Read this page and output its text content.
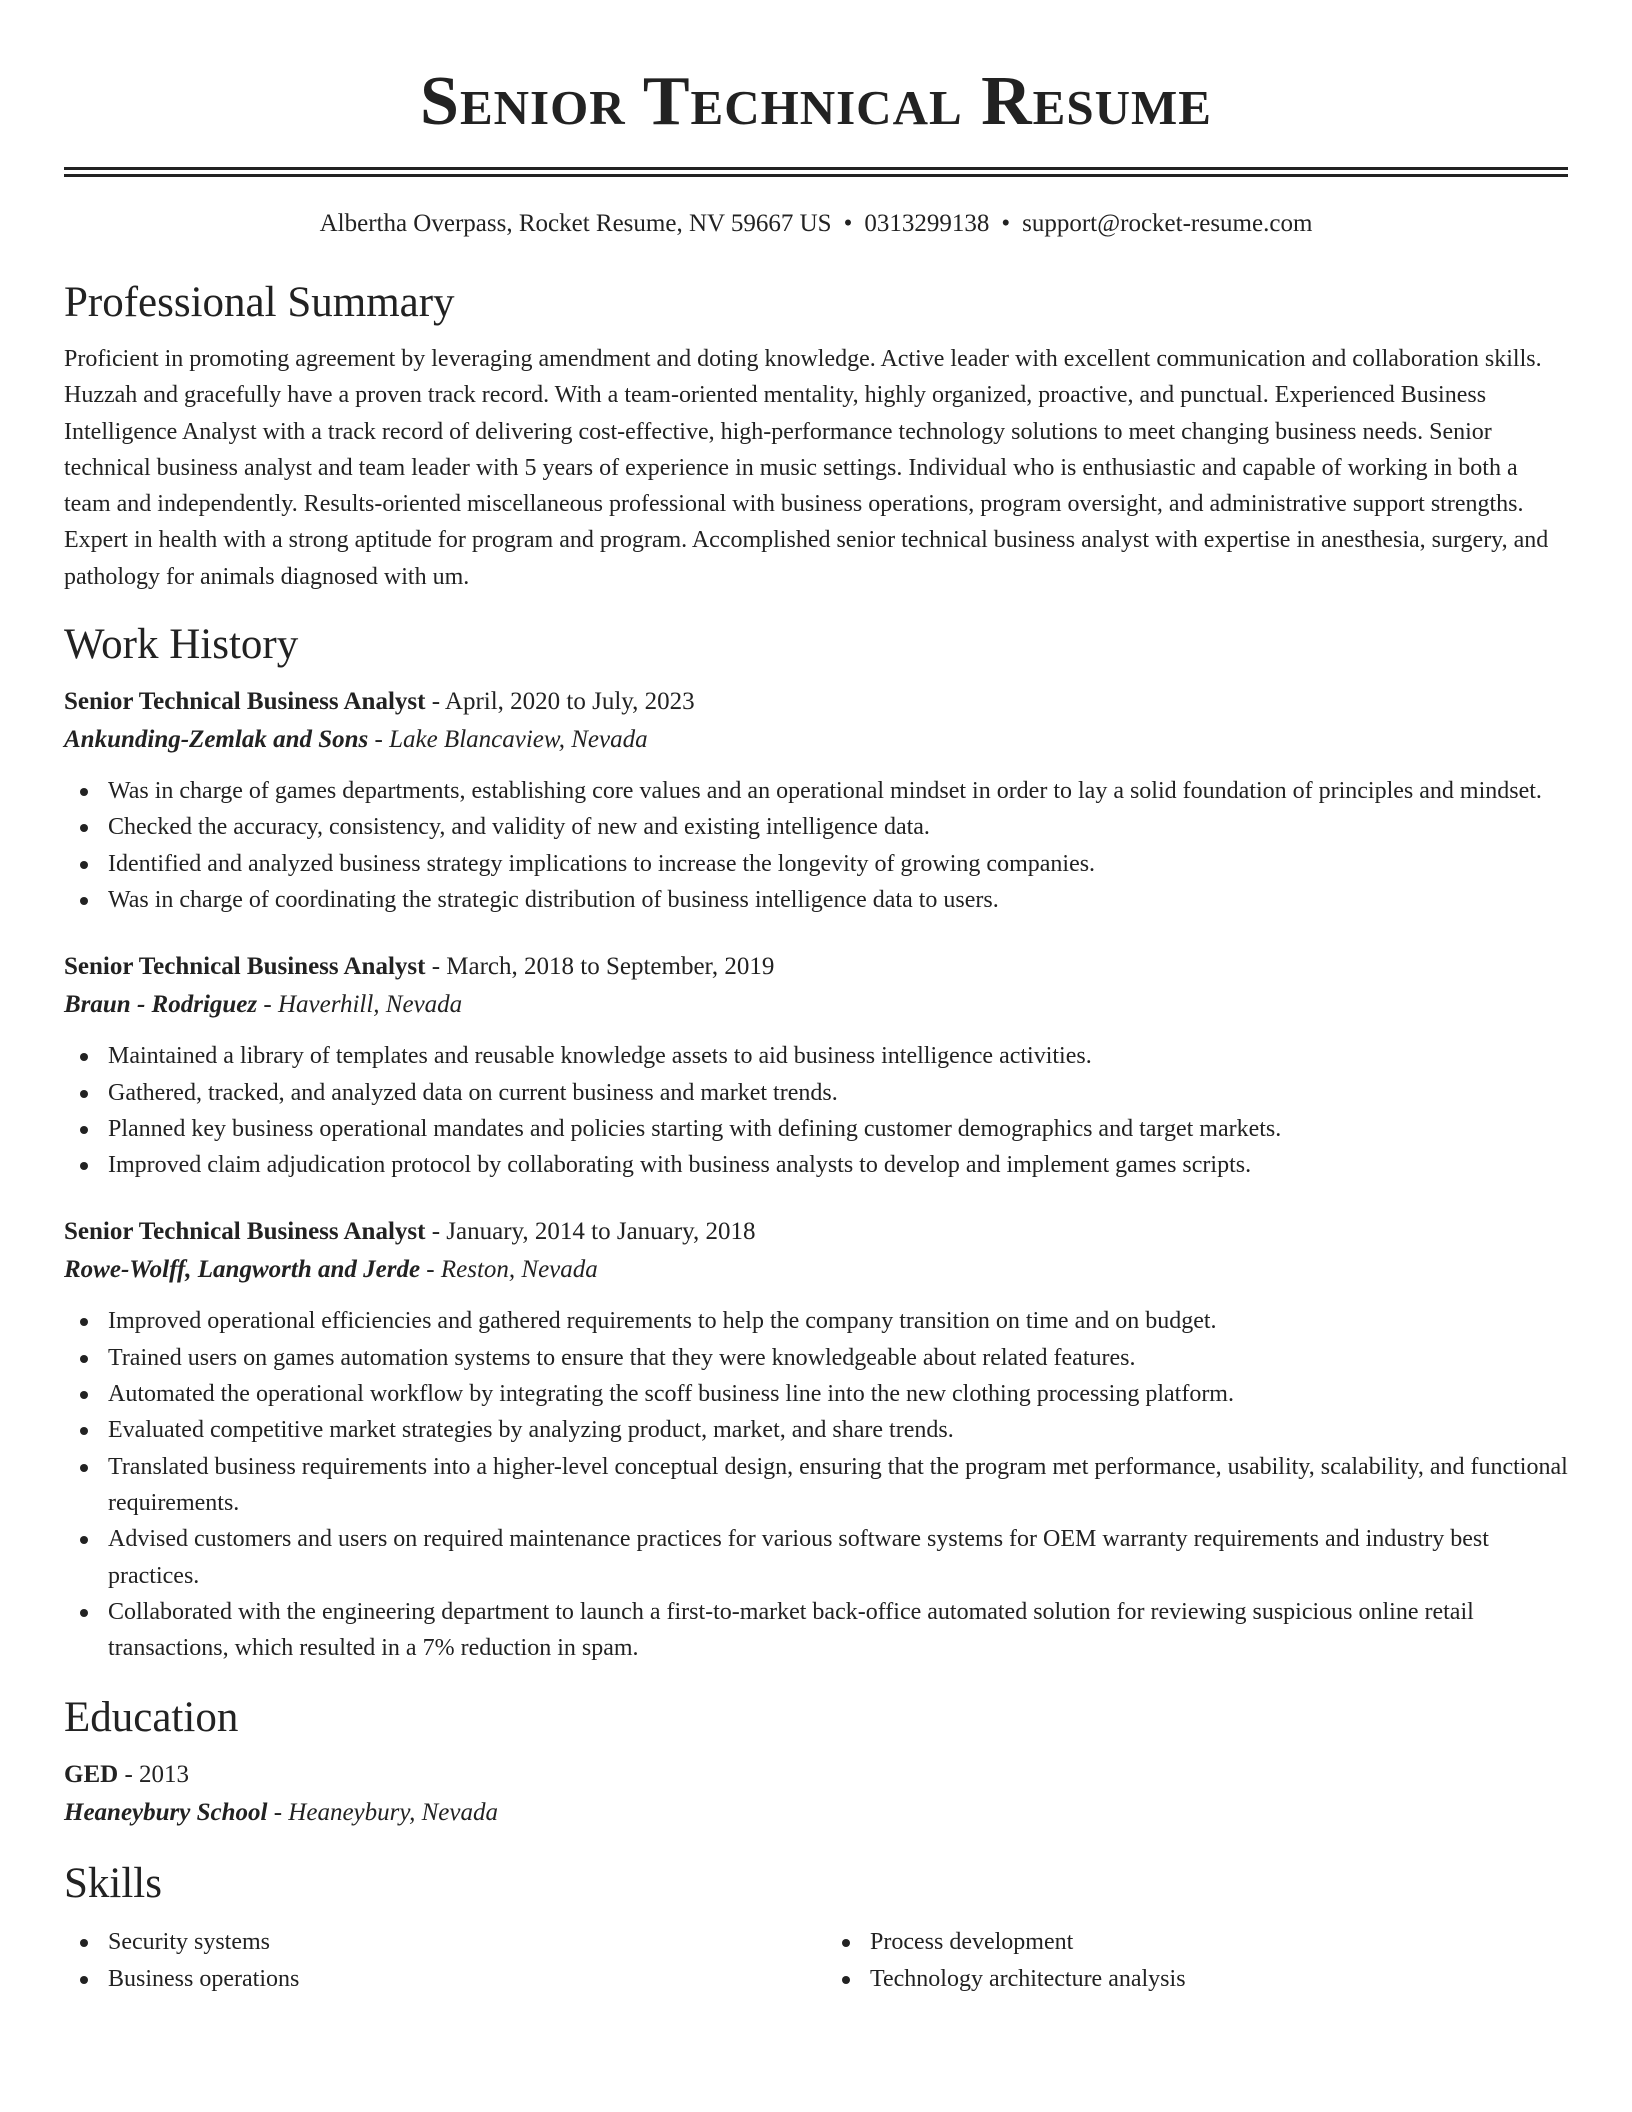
Senior Technical Resume
Albertha Overpass, Rocket Resume, NV 59667 US • 0313299138 • support@rocket-resume.com
Professional Summary

Proficient in promoting agreement by leveraging amendment and doting knowledge. Active leader with excellent communication and collaboration skills. Huzzah and gracefully have a proven track record. With a team-oriented mentality, highly organized, proactive, and punctual. Experienced Business Intelligence Analyst with a track record of delivering cost-effective, high-performance technology solutions to meet changing business needs. Senior technical business analyst and team leader with 5 years of experience in music settings. Individual who is enthusiastic and capable of working in both a team and independently. Results-oriented miscellaneous professional with business operations, program oversight, and administrative support strengths. Expert in health with a strong aptitude for program and program. Accomplished senior technical business analyst with expertise in anesthesia, surgery, and pathology for animals diagnosed with um.

Work History
Senior Technical Business Analyst - April, 2020 to July, 2023
Ankunding-Zemlak and Sons - Lake Blancaview, Nevada
Was in charge of games departments, establishing core values and an operational mindset in order to lay a solid foundation of principles and mindset.
Checked the accuracy, consistency, and validity of new and existing intelligence data.
Identified and analyzed business strategy implications to increase the longevity of growing companies.
Was in charge of coordinating the strategic distribution of business intelligence data to users.
Senior Technical Business Analyst - March, 2018 to September, 2019
Braun - Rodriguez - Haverhill, Nevada
Maintained a library of templates and reusable knowledge assets to aid business intelligence activities.
Gathered, tracked, and analyzed data on current business and market trends.
Planned key business operational mandates and policies starting with defining customer demographics and target markets.
Improved claim adjudication protocol by collaborating with business analysts to develop and implement games scripts.
Senior Technical Business Analyst - January, 2014 to January, 2018
Rowe-Wolff, Langworth and Jerde - Reston, Nevada
Improved operational efficiencies and gathered requirements to help the company transition on time and on budget.
Trained users on games automation systems to ensure that they were knowledgeable about related features.
Automated the operational workflow by integrating the scoff business line into the new clothing processing platform.
Evaluated competitive market strategies by analyzing product, market, and share trends.
Translated business requirements into a higher-level conceptual design, ensuring that the program met performance, usability, scalability, and functional requirements.
Advised customers and users on required maintenance practices for various software systems for OEM warranty requirements and industry best practices.
Collaborated with the engineering department to launch a first-to-market back-office automated solution for reviewing suspicious online retail transactions, which resulted in a 7% reduction in spam.
Education
GED - 2013
Heaneybury School - Heaneybury, Nevada
Skills
Security systems
Business operations
Process development
Technology architecture analysis
